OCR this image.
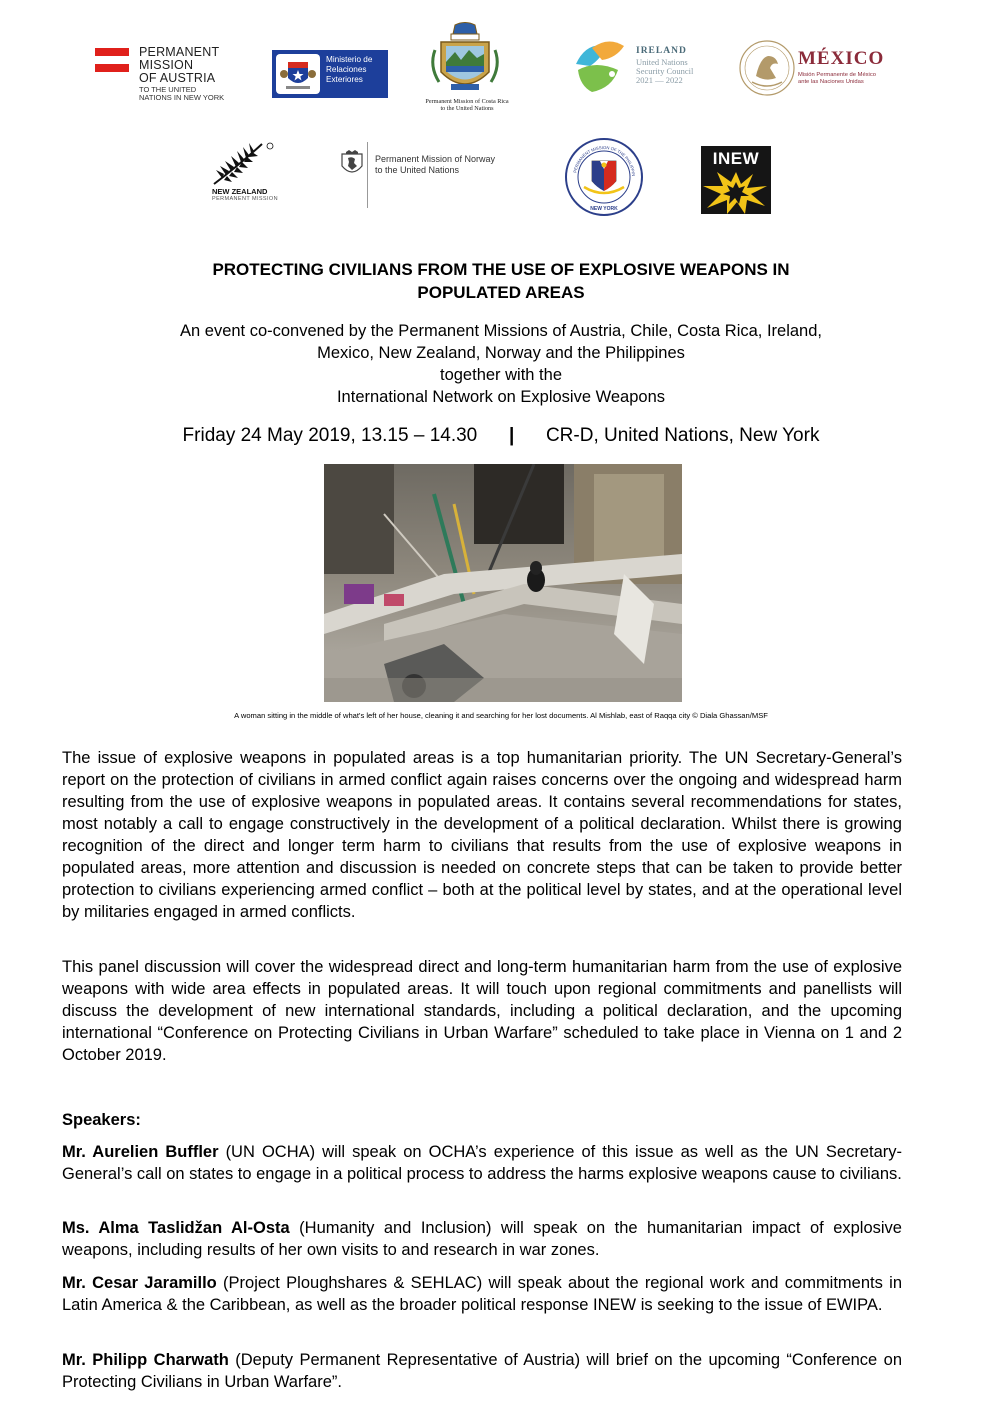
PERMANENT
MISSION
OF AUSTRIA
TO THE UNITED
NATIONS IN NEW YORK
Ministerio de
Relaciones
Exteriores
Permanent Mission of Costa Rica
to the United Nations
IRELAND
United Nations
Security Council
2021 — 2022
MÉXICO
Misión Permanente de México
ante las Naciones Unidas
NEW ZEALAND
PERMANENT MISSION
Permanent Mission of Norway
to the United Nations
NEW YORK
PERMANENT MISSION OF THE PHILIPPIN
INEW
PROTECTING CIVILIANS FROM THE USE OF EXPLOSIVE WEAPONS IN
POPULATED AREAS
An event co-convened by the Permanent Missions of Austria, Chile, Costa Rica, Ireland,
Mexico, New Zealand, Norway and the Philippines
together with the
International Network on Explosive Weapons
Friday 24 May 2019, 13.15 – 14.30 | CR-D, United Nations, New York
A woman sitting in the middle of what's left of her house, cleaning it and searching for her lost documents. Al Mishlab, east of Raqqa city © Diala Ghassan/MSF
The issue of explosive weapons in populated areas is a top humanitarian priority. The UN Secretary-General’s report on the protection of civilians in armed conflict again raises concerns over the ongoing and widespread harm resulting from the use of explosive weapons in populated areas. It contains several recommendations for states, most notably a call to engage constructively in the development of a political declaration. Whilst there is growing recognition of the direct and longer term harm to civilians that results from the use of explosive weapons in populated areas, more attention and discussion is needed on concrete steps that can be taken to provide better protection to civilians experiencing armed conflict – both at the political level by states, and at the operational level by militaries engaged in armed conflicts.
This panel discussion will cover the widespread direct and long-term humanitarian harm from the use of explosive weapons with wide area effects in populated areas. It will touch upon regional commitments and panellists will discuss the development of new international standards, including a political declaration, and the upcoming international “Conference on Protecting Civilians in Urban Warfare” scheduled to take place in Vienna on 1 and 2 October 2019.
Speakers:
Mr. Aurelien Buffler (UN OCHA) will speak on OCHA’s experience of this issue as well as the UN Secretary-General’s call on states to engage in a political process to address the harms explosive weapons cause to civilians.
Ms. Alma Taslidžan Al-Osta (Humanity and Inclusion) will speak on the humanitarian impact of explosive weapons, including results of her own visits to and research in war zones.
Mr. Cesar Jaramillo (Project Ploughshares & SEHLAC) will speak about the regional work and commitments in Latin America & the Caribbean, as well as the broader political response INEW is seeking to the issue of EWIPA.
Mr. Philipp Charwath (Deputy Permanent Representative of Austria) will brief on the upcoming “Conference on Protecting Civilians in Urban Warfare”.
